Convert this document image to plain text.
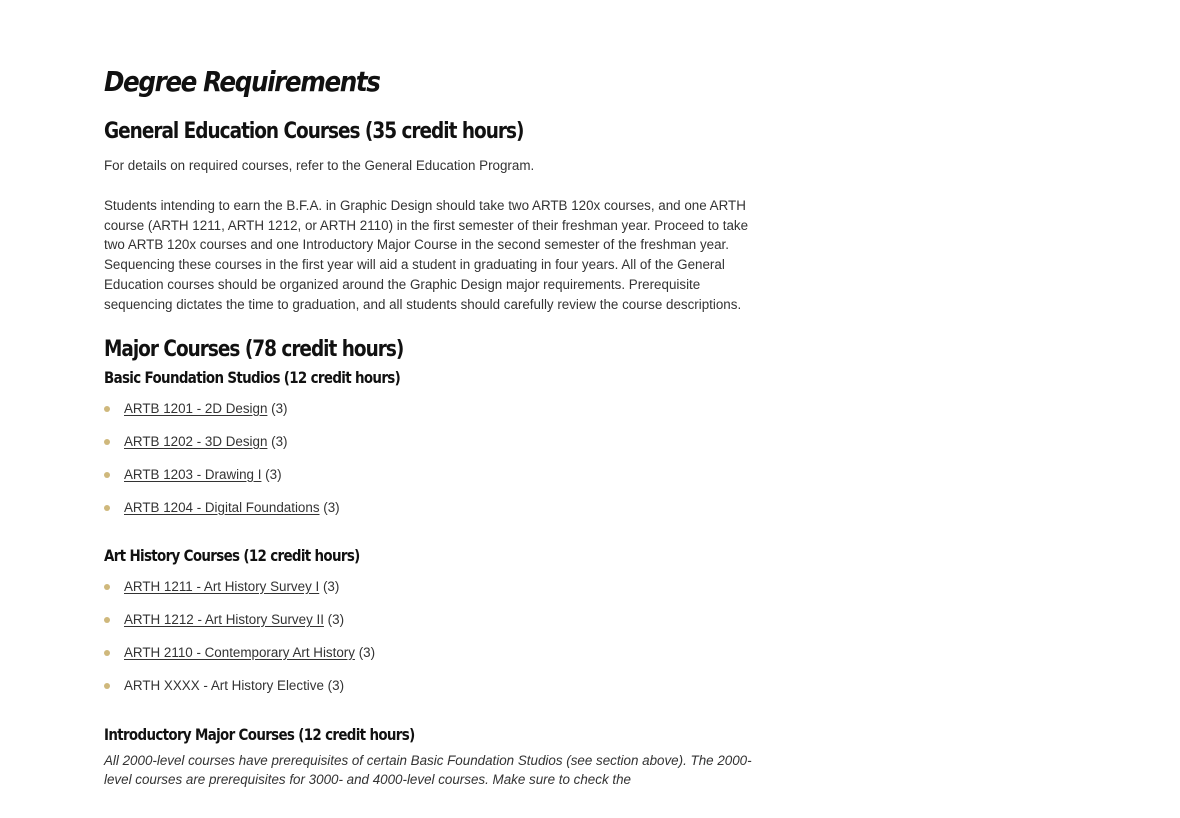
Degree Requirements
General Education Courses (35 credit hours)

For details on required courses, refer to the General Education Program.

Students intending to earn the B.F.A. in Graphic Design should take two ARTB 120x courses, and one ARTH course (ARTH 1211, ARTH 1212, or ARTH 2110) in the first semester of their freshman year. Proceed to take two ARTB 120x courses and one Introductory Major Course in the second semester of the freshman year. Sequencing these courses in the first year will aid a student in graduating in four years. All of the General Education courses should be organized around the Graphic Design major requirements. Prerequisite sequencing dictates the time to graduation, and all students should carefully review the course descriptions.

Major Courses (78 credit hours)
Basic Foundation Studios (12 credit hours)
ARTB 1201 - 2D Design (3)
ARTB 1202 - 3D Design (3)
ARTB 1203 - Drawing I (3)
ARTB 1204 - Digital Foundations (3)
Art History Courses (12 credit hours)
ARTH 1211 - Art History Survey I (3)
ARTH 1212 - Art History Survey II (3)
ARTH 2110 - Contemporary Art History (3)
ARTH XXXX - Art History Elective (3)
Introductory Major Courses (12 credit hours)

All 2000-level courses have prerequisites of certain Basic Foundation Studios (see section above). The 2000-level courses are prerequisites for 3000- and 4000-level courses. Make sure to check the
